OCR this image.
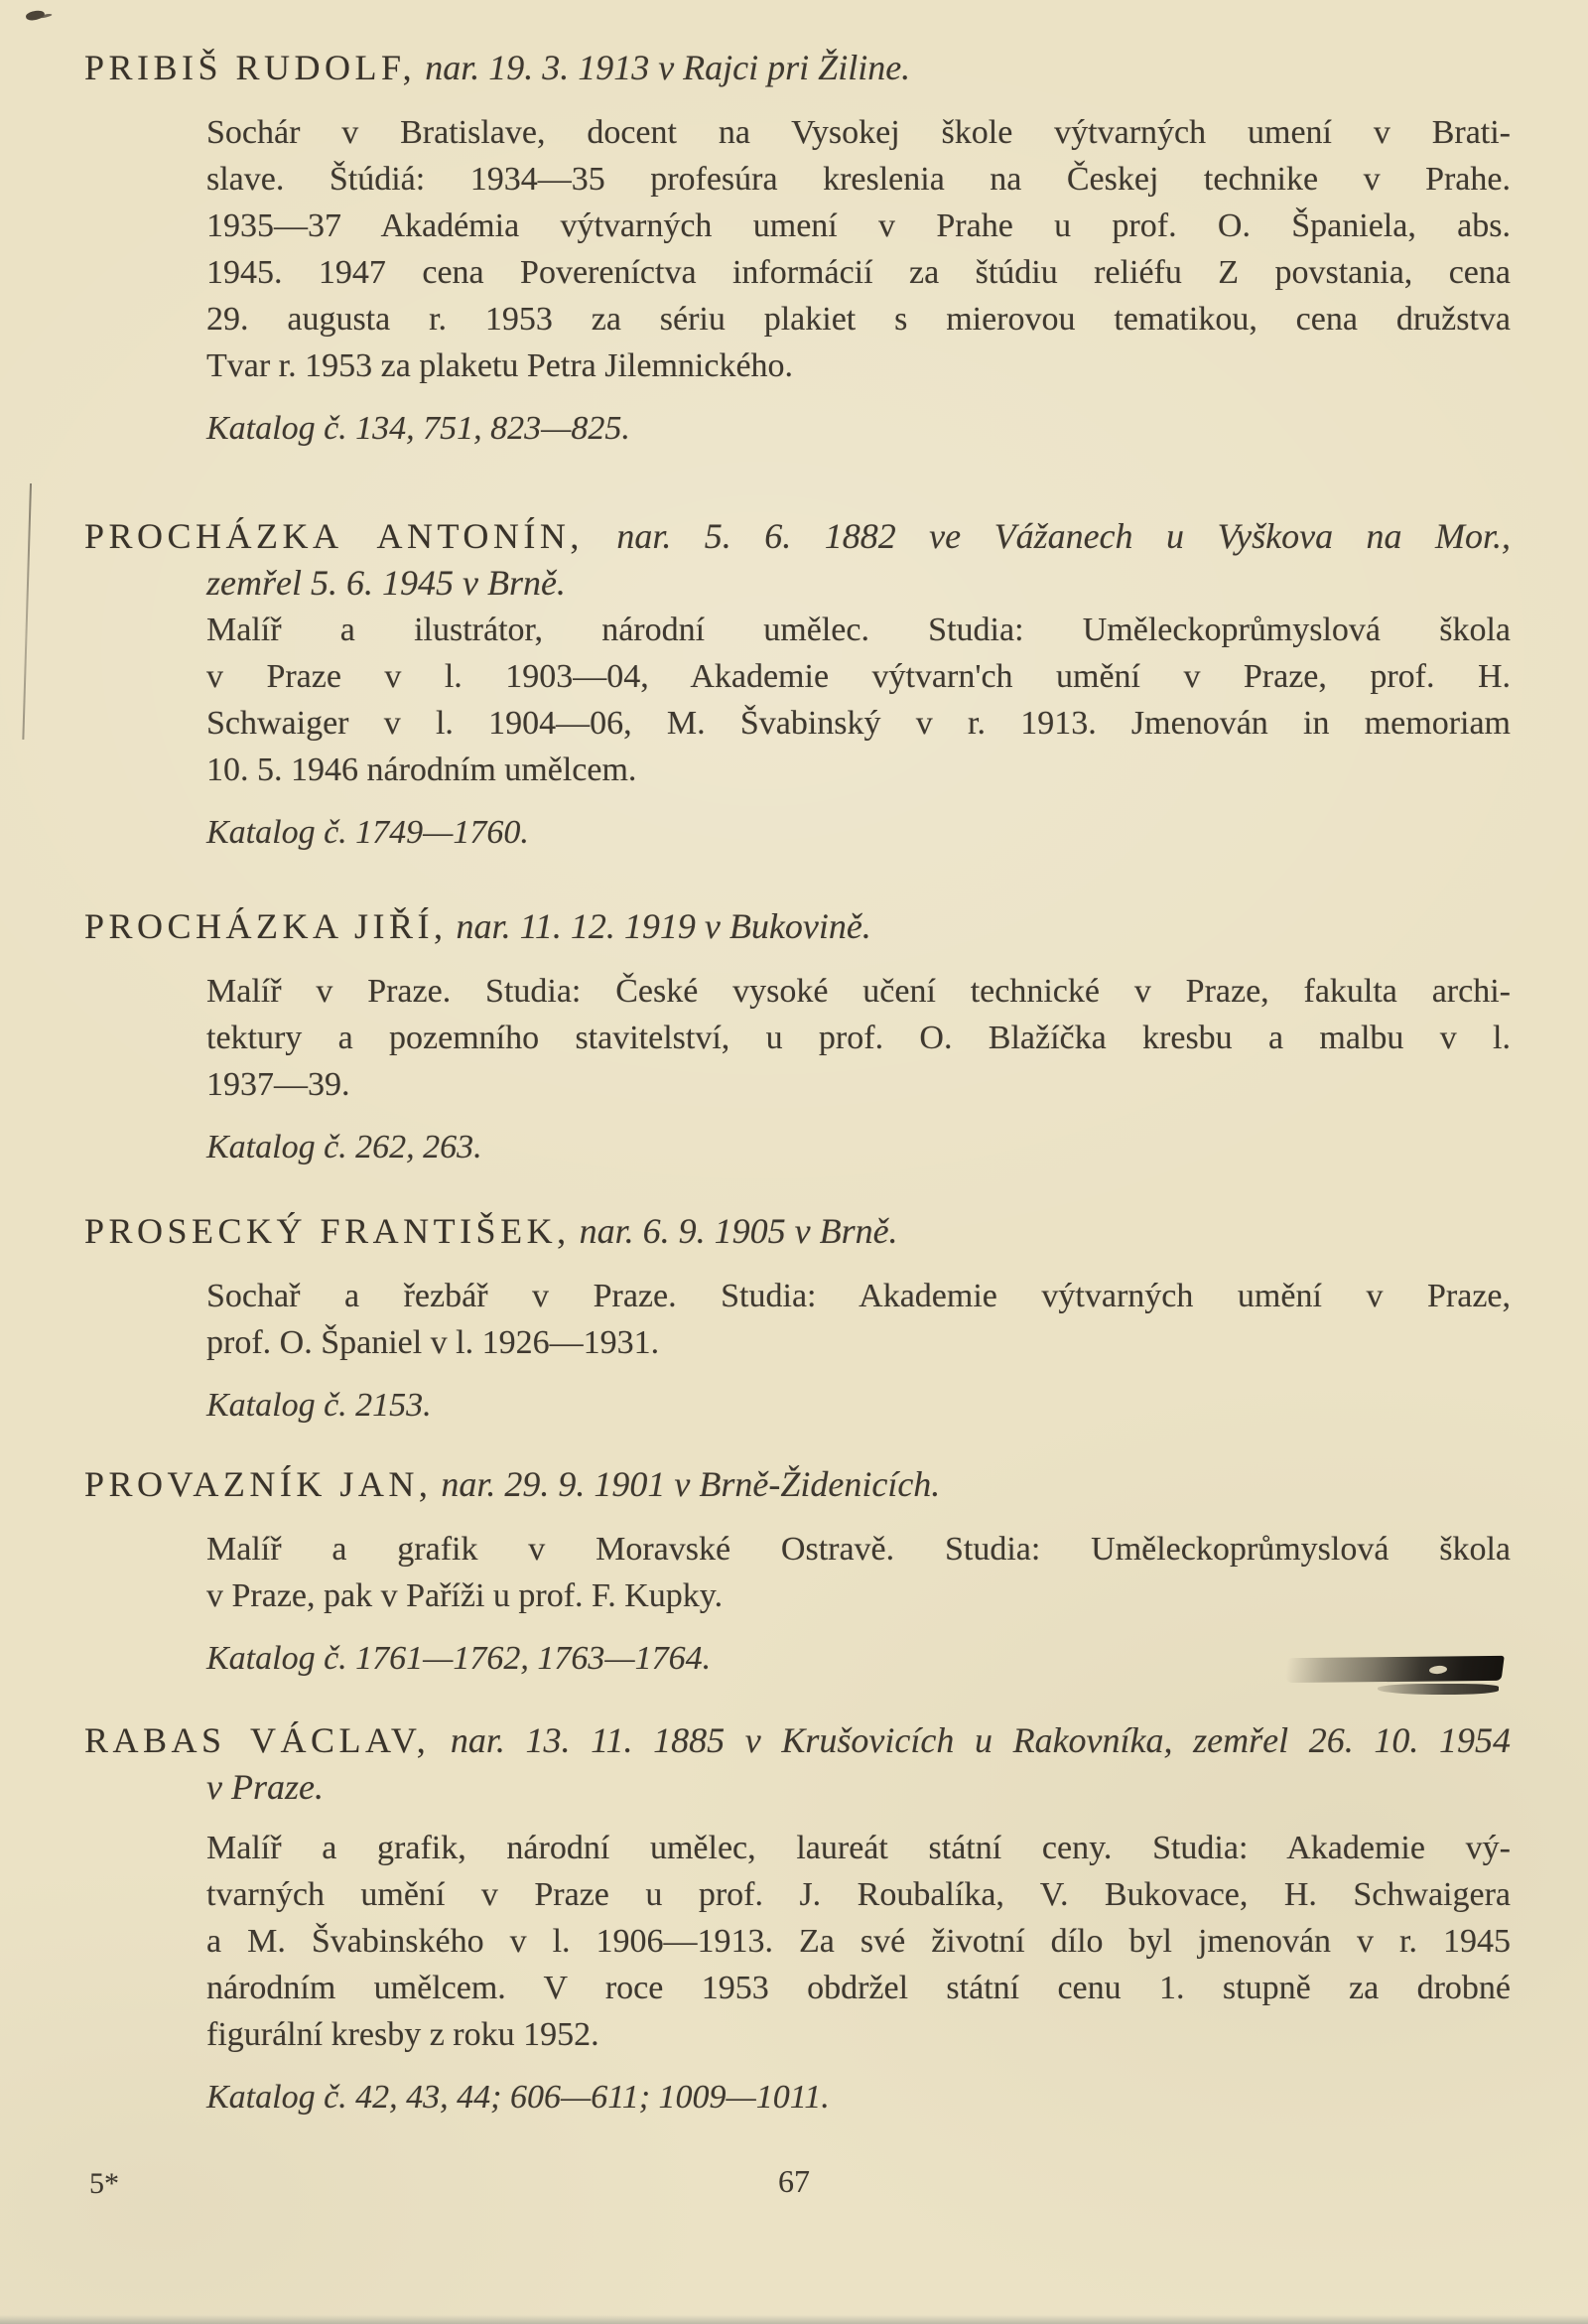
PRIBIŠ RUDOLF, nar. 19. 3. 1913 v Rajci pri Žiline.
Sochár v Bratislave, docent na Vysokej škole výtvarných umení v Brati-
slave. Štúdiá: 1934—35 profesúra kreslenia na Českej technike v Prahe.
1935—37 Akadémia výtvarných umení v Prahe u prof. O. Španiela, abs.
1945. 1947 cena Povereníctva informácií za štúdiu reliéfu Z povstania, cena
29. augusta r. 1953 za sériu plakiet s mierovou tematikou, cena družstva
Tvar r. 1953 za plaketu Petra Jilemnického.
Katalog č. 134, 751, 823—825.
PROCHÁZKA ANTONÍN, nar. 5. 6. 1882 ve Vážanech u Vyškova na Mor.,
zemřel 5. 6. 1945 v Brně.
Malíř a ilustrátor, národní umělec. Studia: Uměleckoprůmyslová škola
v Praze v l. 1903—04, Akademie výtvarn'ch umění v Praze, prof. H.
Schwaiger v l. 1904—06, M. Švabinský v r. 1913. Jmenován in memoriam
10. 5. 1946 národním umělcem.
Katalog č. 1749—1760.
PROCHÁZKA JIŘÍ, nar. 11. 12. 1919 v Bukovině.
Malíř v Praze. Studia: České vysoké učení technické v Praze, fakulta archi-
tektury a pozemního stavitelství, u prof. O. Blažíčka kresbu a malbu v l.
1937—39.
Katalog č. 262, 263.
PROSECKÝ FRANTIŠEK, nar. 6. 9. 1905 v Brně.
Sochař a řezbář v Praze. Studia: Akademie výtvarných umění v Praze,
prof. O. Španiel v l. 1926—1931.
Katalog č. 2153.
PROVAZNÍK JAN, nar. 29. 9. 1901 v Brně-Židenicích.
Malíř a grafik v Moravské Ostravě. Studia: Uměleckoprůmyslová škola
v Praze, pak v Paříži u prof. F. Kupky.
Katalog č. 1761—1762, 1763—1764.
RABAS VÁCLAV, nar. 13. 11. 1885 v Krušovicích u Rakovníka, zemřel 26. 10. 1954
v Praze.
Malíř a grafik, národní umělec, laureát státní ceny. Studia: Akademie vý-
tvarných umění v Praze u prof. J. Roubalíka, V. Bukovace, H. Schwaigera
a M. Švabinského v l. 1906—1913. Za své životní dílo byl jmenován v r. 1945
národním umělcem. V roce 1953 obdržel státní cenu 1. stupně za drobné
figurální kresby z roku 1952.
Katalog č. 42, 43, 44; 606—611; 1009—1011.
5*	67
